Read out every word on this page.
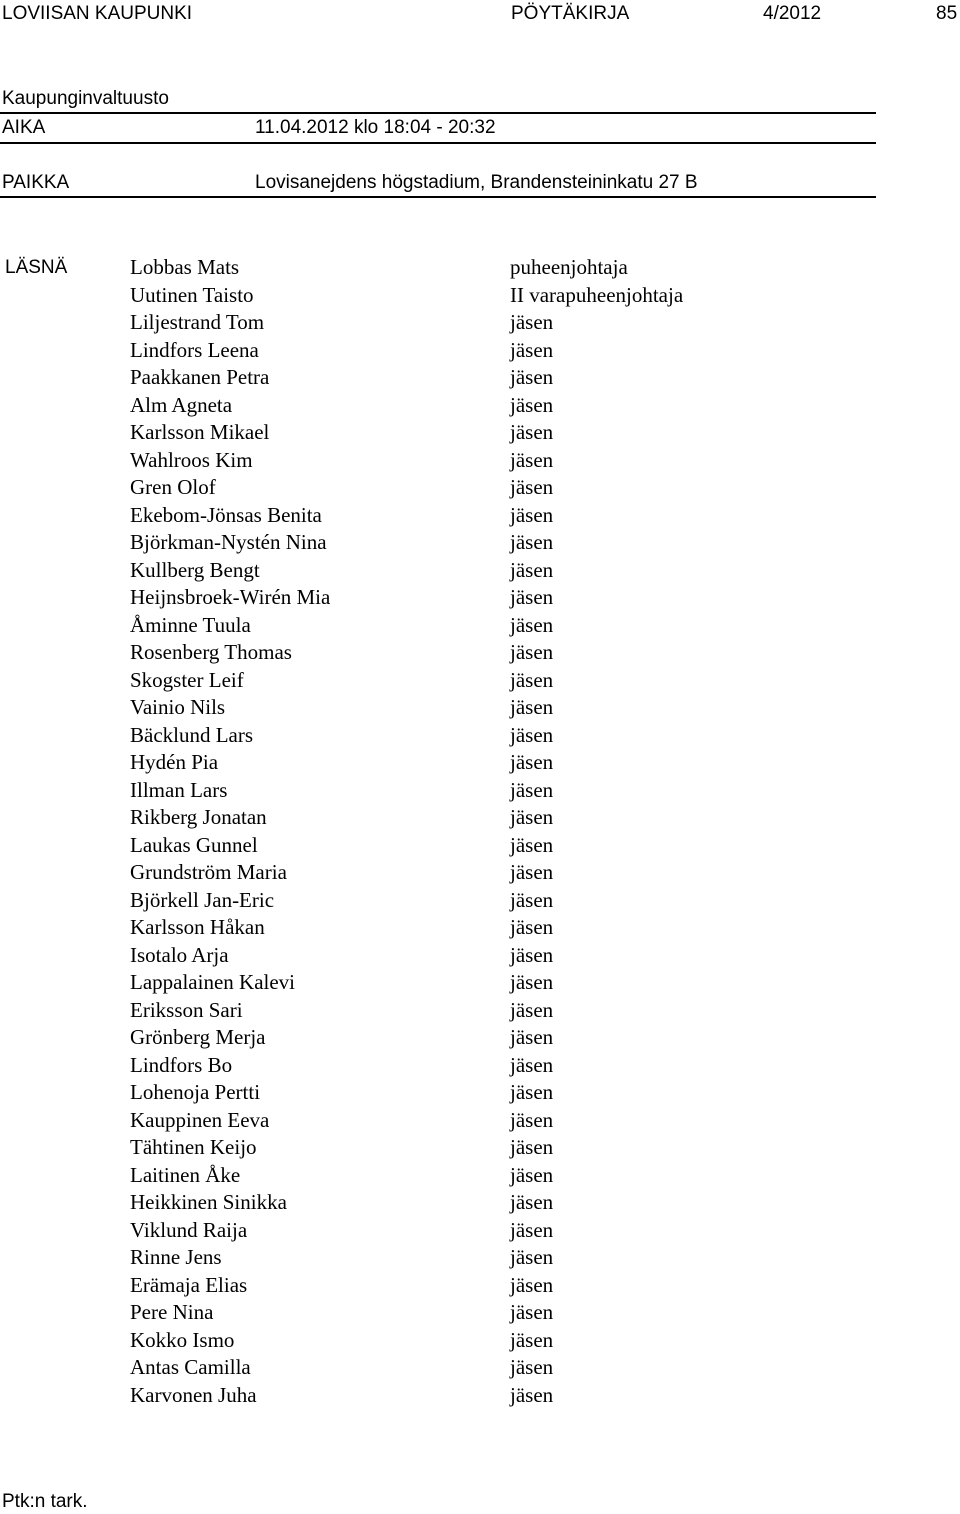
LOVIISAN KAUPUNKI	PÖYTÄKIRJA	4/2012	85
Kaupunginvaltuusto
AIKA	11.04.2012 klo 18:04 - 20:32
PAIKKA	Lovisanejdens högstadium, Brandensteininkatu 27 B
LÄSNÄ	Lobbas Mats	puheenjohtaja
Uutinen Taisto	II varapuheenjohtaja
Liljestrand Tom	jäsen
Lindfors Leena	jäsen
Paakkanen Petra	jäsen
Alm Agneta	jäsen
Karlsson Mikael	jäsen
Wahlroos Kim	jäsen
Gren Olof	jäsen
Ekebom-Jönsas Benita	jäsen
Björkman-Nystén Nina	jäsen
Kullberg Bengt	jäsen
Heijnsbroek-Wirén Mia	jäsen
Åminne Tuula	jäsen
Rosenberg Thomas	jäsen
Skogster Leif	jäsen
Vainio Nils	jäsen
Bäcklund Lars	jäsen
Hydén Pia	jäsen
Illman Lars	jäsen
Rikberg Jonatan	jäsen
Laukas Gunnel	jäsen
Grundström Maria	jäsen
Björkell Jan-Eric	jäsen
Karlsson Håkan	jäsen
Isotalo Arja	jäsen
Lappalainen Kalevi	jäsen
Eriksson Sari	jäsen
Grönberg Merja	jäsen
Lindfors Bo	jäsen
Lohenoja Pertti	jäsen
Kauppinen Eeva	jäsen
Tähtinen Keijo	jäsen
Laitinen Åke	jäsen
Heikkinen Sinikka	jäsen
Viklund Raija	jäsen
Rinne Jens	jäsen
Erämaja Elias	jäsen
Pere Nina	jäsen
Kokko Ismo	jäsen
Antas Camilla	jäsen
Karvonen Juha	jäsen
Ptk:n tark.
